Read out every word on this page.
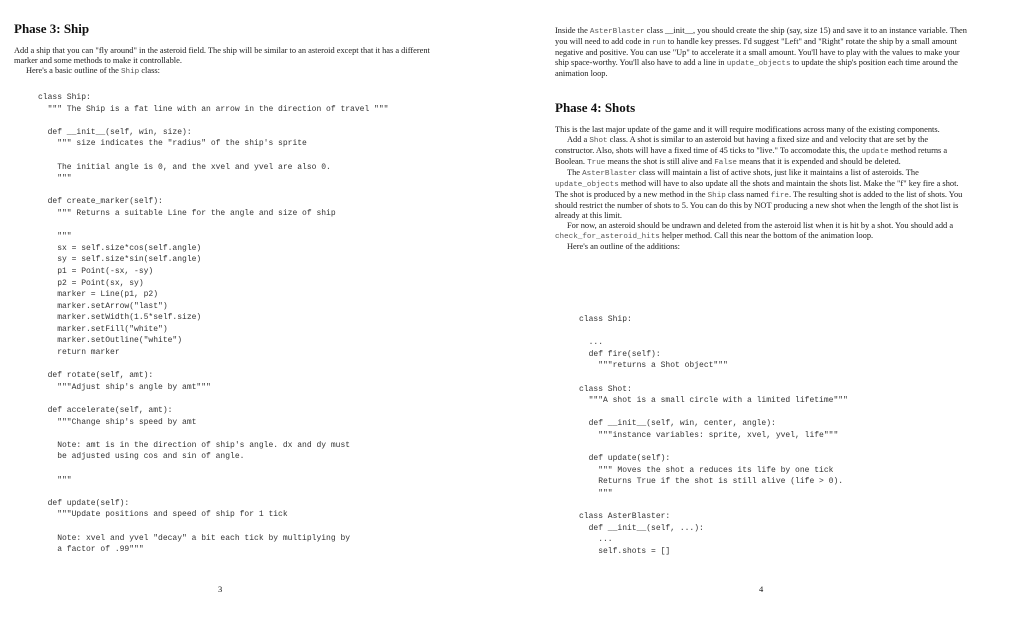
Phase 3: Ship

Add a ship that you can "fly around" in the asteroid field. The ship will be similar to an asteroid except that it has a different marker and some methods to make it controllable.

Here's a basic outline of the Ship class:

class Ship:
""" The Ship is a fat line with an arrow in the direction of travel """

def __init__(self, win, size):
""" size indicates the "radius" of the ship's sprite

The initial angle is 0, and the xvel and yvel are also 0.
"""

def create_marker(self):
""" Returns a suitable Line for the angle and size of ship

"""
sx = self.size*cos(self.angle)
sy = self.size*sin(self.angle)
p1 = Point(-sx, -sy)
p2 = Point(sx, sy)
marker = Line(p1, p2)
marker.setArrow("last")
marker.setWidth(1.5*self.size)
marker.setFill("white")
marker.setOutline("white")
return marker

def rotate(self, amt):
"""Adjust ship's angle by amt"""

def accelerate(self, amt):
"""Change ship's speed by amt

Note: amt is in the direction of ship's angle. dx and dy must
be adjusted using cos and sin of angle.

"""

def update(self):
"""Update positions and speed of ship for 1 tick

Note: xvel and yvel "decay" a bit each tick by multiplying by
a factor of .99"""
3

Inside the AsterBlaster class __init__, you should create the ship (say, size 15) and save it to an instance variable. Then you will need to add code in run to handle key presses. I'd suggest "Left" and "Right" rotate the ship by a small amount negative and positive. You can use "Up" to accelerate it a small amount. You'll have to play with the values to make your ship space-worthy. You'll also have to add a line in update_objects to update the ship's position each time around the animation loop.

Phase 4: Shots

This is the last major update of the game and it will require modifications across many of the existing components.

Add a Shot class. A shot is similar to an asteroid but having a fixed size and and velocity that are set by the constructor. Also, shots will have a fixed time of 45 ticks to "live." To accomodate this, the update method returns a Boolean. True means the shot is still alive and False means that it is expended and should be deleted.

The AsterBlaster class will maintain a list of active shots, just like it maintains a list of asteroids. The update_objects method will have to also update all the shots and maintain the shots list. Make the "f" key fire a shot. The shot is produced by a new method in the Ship class named fire. The resulting shot is added to the list of shots. You should restrict the number of shots to 5. You can do this by NOT producing a new shot when the length of the shot list is already at this limit.

For now, an asteroid should be undrawn and deleted from the asteroid list when it is hit by a shot. You should add a check_for_asteroid_hits helper method. Call this near the bottom of the animation loop.

Here's an outline of the additions:

class Ship:

...
def fire(self):
"""returns a Shot object"""

class Shot:
"""A shot is a small circle with a limited lifetime"""

def __init__(self, win, center, angle):
"""instance variables: sprite, xvel, yvel, life"""

def update(self):
""" Moves the shot a reduces its life by one tick
Returns True if the shot is still alive (life > 0).
"""

class AsterBlaster:
def __init__(self, ...):
...
self.shots = []
4
